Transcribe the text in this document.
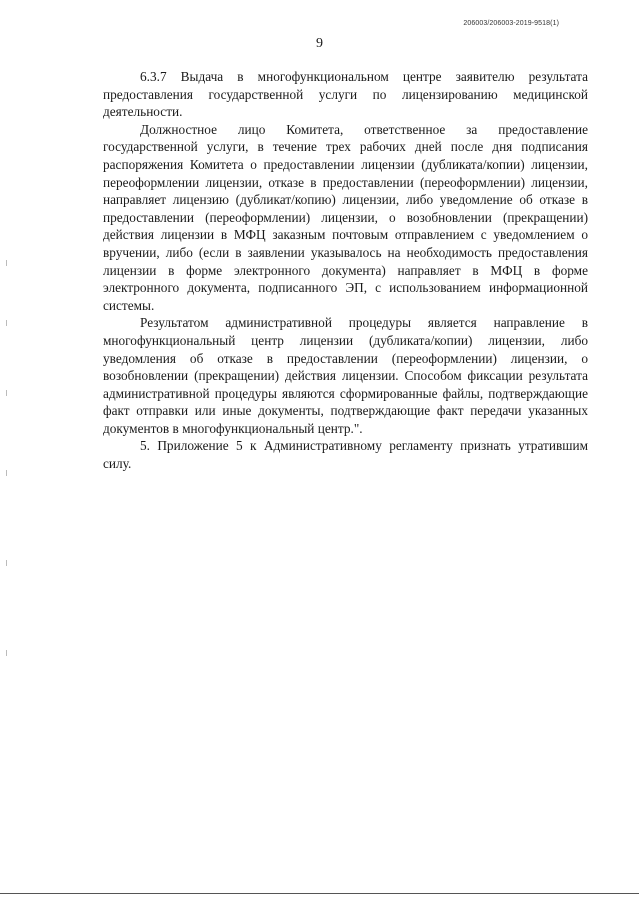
206003/206003-2019-9518(1)
9

6.3.7 Выдача в многофункциональном центре заявителю результата предоставления государственной услуги по лицензированию медицинской деятельности.

Должностное лицо Комитета, ответственное за предоставление государственной услуги, в течение трех рабочих дней после дня подписания распоряжения Комитета о предоставлении лицензии (дубликата/копии) лицензии, переоформлении лицензии, отказе в предоставлении (переоформлении) лицензии, направляет лицензию (дубликат/копию) лицензии, либо уведомление об отказе в предоставлении (переоформлении) лицензии, о возобновлении (прекращении) действия лицензии в МФЦ заказным почтовым отправлением с уведомлением о вручении, либо (если в заявлении указывалось на необходимость предоставления лицензии в форме электронного документа) направляет в МФЦ в форме электронного документа, подписанного ЭП, с использованием информационной системы.

Результатом административной процедуры является направление в многофункциональный центр лицензии (дубликата/копии) лицензии, либо уведомления об отказе в предоставлении (переоформлении) лицензии, о возобновлении (прекращении) действия лицензии. Способом фиксации результата административной процедуры являются сформированные файлы, подтверждающие факт отправки или иные документы, подтверждающие факт передачи указанных документов в многофункциональный центр.".

5. Приложение 5 к Административному регламенту признать утратившим силу.
